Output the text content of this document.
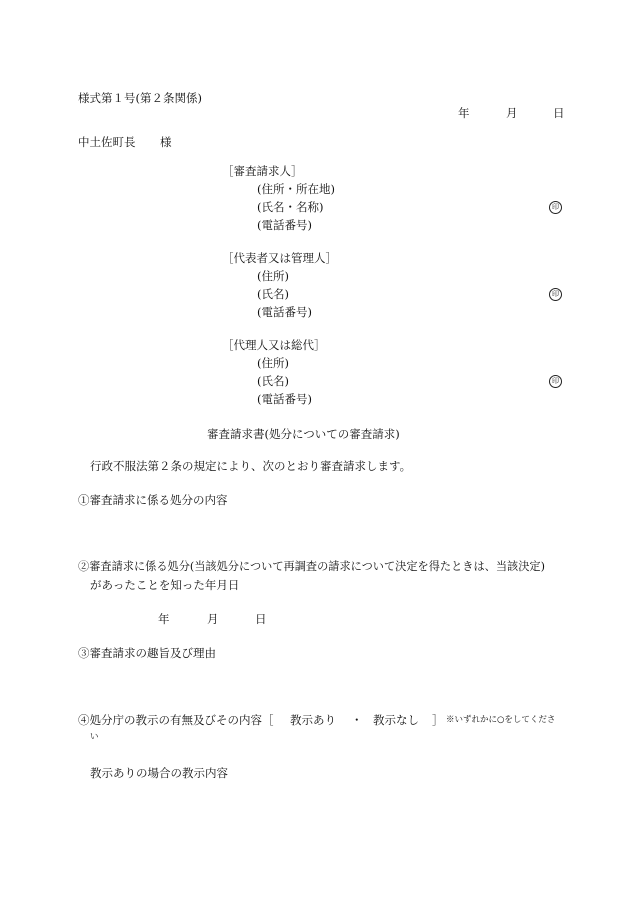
様式第１号(第２条関係)
年	月	日
中土佐町長 様
［ 審査請求人 ］
( 住所・所在地 )
( 氏名・名称 )	印
( 電話番号 )
［ 代表者又は管理人 ］
( 住所 )
( 氏名 )	印
( 電話番号 )
［ 代理人又は総代 ］
( 住所 )
( 氏名 )	印
( 電話番号 )
審査請求書(処分についての審査請求)
行政不服法第２条の規定により、次のとおり審査請求します。
①審査請求に係る処分の内容
②審査請求に係る処分(当該処分について再調査の請求について決定を得たときは、当該決定)
があったことを知った年月日
年	月	日
③審査請求の趣旨及び理由
④処分庁の教示の有無及びその内容［ 教示あり ・ 教示なし ］ ※いずれかに○をしてくださ
い
教示ありの場合の教示内容
